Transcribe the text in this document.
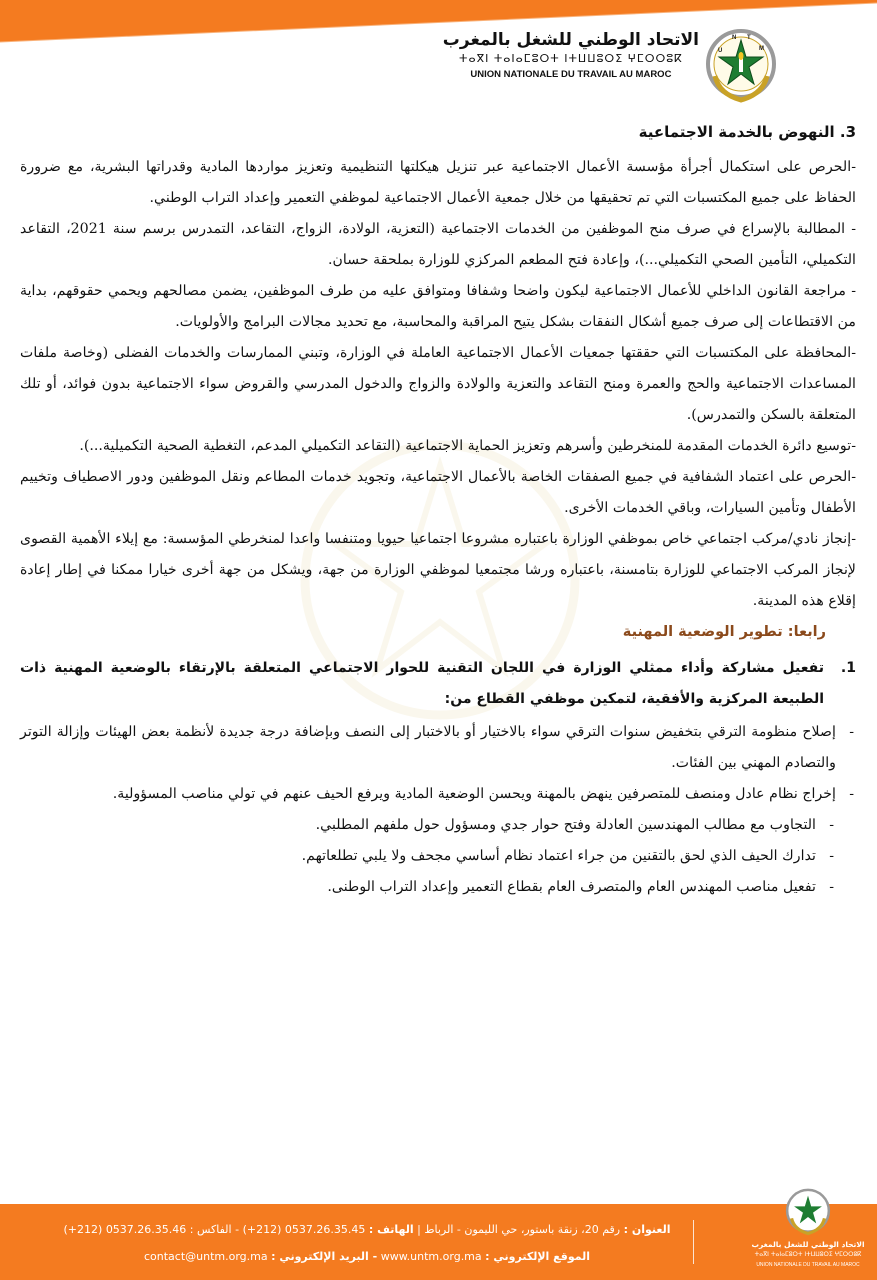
الاتحاد الوطني للشغل بالمغرب
ⵜⴰⴳⵏ ⵜⴰⵏⴰⵎⵓⵔⵜ ⵏⵜⵡⵡⵓⵔⵉ ⵖⵎⵔⵔⵓⴽ
UNION NATIONALE DU TRAVAIL AU MAROC
U
N T
M
3. النهوض بالخدمة الاجتماعية

-الحرص على استكمال أجرأة مؤسسة الأعمال الاجتماعية عبر تنزيل هيكلتها التنظيمية وتعزيز مواردها المادية وقدراتها البشرية، مع ضرورة الحفاظ على جميع المكتسبات التي تم تحقيقها من خلال جمعية الأعمال الاجتماعية لموظفي التعمير وإعداد التراب الوطني.

- المطالبة بالإسراع في صرف منح الموظفين من الخدمات الاجتماعية (التعزية، الولادة، الزواج، التقاعد، التمدرس برسم سنة 2021، التقاعد التكميلي، التأمين الصحي التكميلي...)، وإعادة فتح المطعم المركزي للوزارة بملحقة حسان.

- مراجعة القانون الداخلي للأعمال الاجتماعية ليكون واضحا وشفافا ومتوافق عليه من طرف الموظفين، يضمن مصالحهم ويحمي حقوقهم، بداية من الاقتطاعات إلى صرف جميع أشكال النفقات بشكل يتيح المراقبة والمحاسبة، مع تحديد مجالات البرامج والأولويات.

-المحافظة على المكتسبات التي حققتها جمعيات الأعمال الاجتماعية العاملة في الوزارة، وتبني الممارسات والخدمات الفضلى (وخاصة ملفات المساعدات الاجتماعية والحج والعمرة ومنح التقاعد والتعزية والولادة والزواج والدخول المدرسي والقروض سواء الاجتماعية بدون فوائد، أو تلك المتعلقة بالسكن والتمدرس).

-توسيع دائرة الخدمات المقدمة للمنخرطين وأسرهم وتعزيز الحماية الاجتماعية (التقاعد التكميلي المدعم، التغطية الصحية التكميلية...).

-الحرص على اعتماد الشفافية في جميع الصفقات الخاصة بالأعمال الاجتماعية، وتجويد خدمات المطاعم ونقل الموظفين ودور الاصطياف وتخييم الأطفال وتأمين السيارات، وباقي الخدمات الأخرى.

-إنجاز نادي/مركب اجتماعي خاص بموظفي الوزارة باعتباره مشروعا اجتماعيا حيويا ومتنفسا واعدا لمنخرطي المؤسسة: مع إيلاء الأهمية القصوى لإنجاز المركب الاجتماعي للوزارة بتامسنة، باعتباره ورشا مجتمعيا لموظفي الوزارة من جهة، ويشكل من جهة أخرى خيارا ممكنا في إطار إعادة إقلاع هذه المدينة.

رابعا: تطوير الوضعية المهنية

1.تفعيل مشاركة وأداء ممثلي الوزارة في اللجان التقنية للحوار الاجتماعي المتعلقة بالإرتقاء بالوضعية المهنية ذات الطبيعة المركزية والأفقية، لتمكين موظفي القطاع من:

-إصلاح منظومة الترقي بتخفيض سنوات الترقي سواء بالاختيار أو بالاختبار إلى النصف وبإضافة درجة جديدة لأنظمة بعض الهيئات وإزالة التوتر والتصادم المهني بين الفئات.

-إخراج نظام عادل ومنصف للمتصرفين ينهض بالمهنة ويحسن الوضعية المادية ويرفع الحيف عنهم في تولي مناصب المسؤولية.

-التجاوب مع مطالب المهندسين العادلة وفتح حوار جدي ومسؤول حول ملفهم المطلبي.

-تدارك الحيف الذي لحق بالتقنين من جراء اعتماد نظام أساسي مجحف ولا يلبي تطلعاتهم.

-تفعيل مناصب المهندس العام والمتصرف العام بقطاع التعمير وإعداد التراب الوطنى.

العنوان : رقم 20، زنقة باستور، حي الليمون - الرباط | الهاتف : 0537.26.35.45 (212+) - الفاكس : 0537.26.35.46 (212+)
الموقع الإلكتروني : www.untm.org.ma - البريد الإلكتروني : contact@untm.org.ma
الاتحاد الوطني للشغل بالمغرب
ⵜⴰⴳⵏ ⵜⴰⵏⴰⵎⵓⵔⵜ ⵏⵜⵡⵡⵓⵔⵉ ⵖⵎⵔⵔⵓⴽ
UNION NATIONALE DU TRAVAIL AU MAROC
